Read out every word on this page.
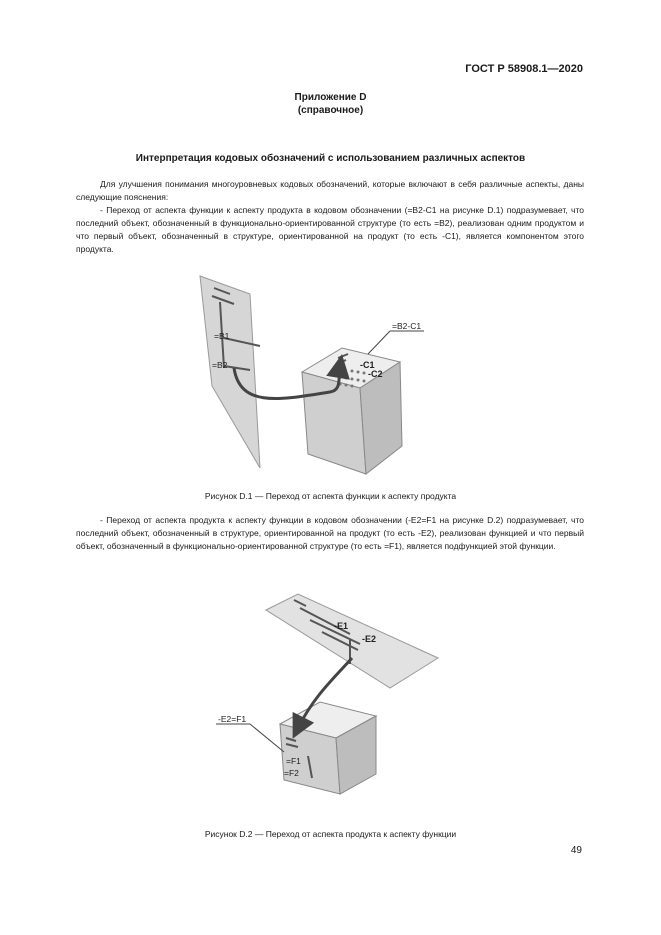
ГОСТ Р 58908.1—2020
Приложение D
(справочное)
Интерпретация кодовых обозначений с использованием различных аспектов

Для улучшения понимания многоуровневых кодовых обозначений, которые включают в себя различные аспекты, даны следующие пояснения:
- Переход от аспекта функции к аспекту продукта в кодовом обозначении (=B2-C1 на рисунке D.1) подразумевает, что последний объект, обозначенный в функционально-ориентированной структуре (то есть =B2), реализован одним продуктом и что первый объект, обозначенный в структуре, ориентированной на продукт (то есть -C1), является компонентом этого продукта.

=B1
=B2
=B2-C1
-C1
-C2
Рисунок D.1 — Переход от аспекта функции к аспекту продукта

- Переход от аспекта продукта к аспекту функции в кодовом обозначении (-E2=F1 на рисунке D.2) подразумевает, что последний объект, обозначенный в структуре, ориентированной на продукт (то есть -E2), реализован функцией и что первый объект, обозначенный в функционально-ориентированной структуре (то есть =F1), является подфункцией этой функции.

-E1
-E2
-E2=F1
=F1
=F2
Рисунок D.2 — Переход от аспекта продукта к аспекту функции
49
